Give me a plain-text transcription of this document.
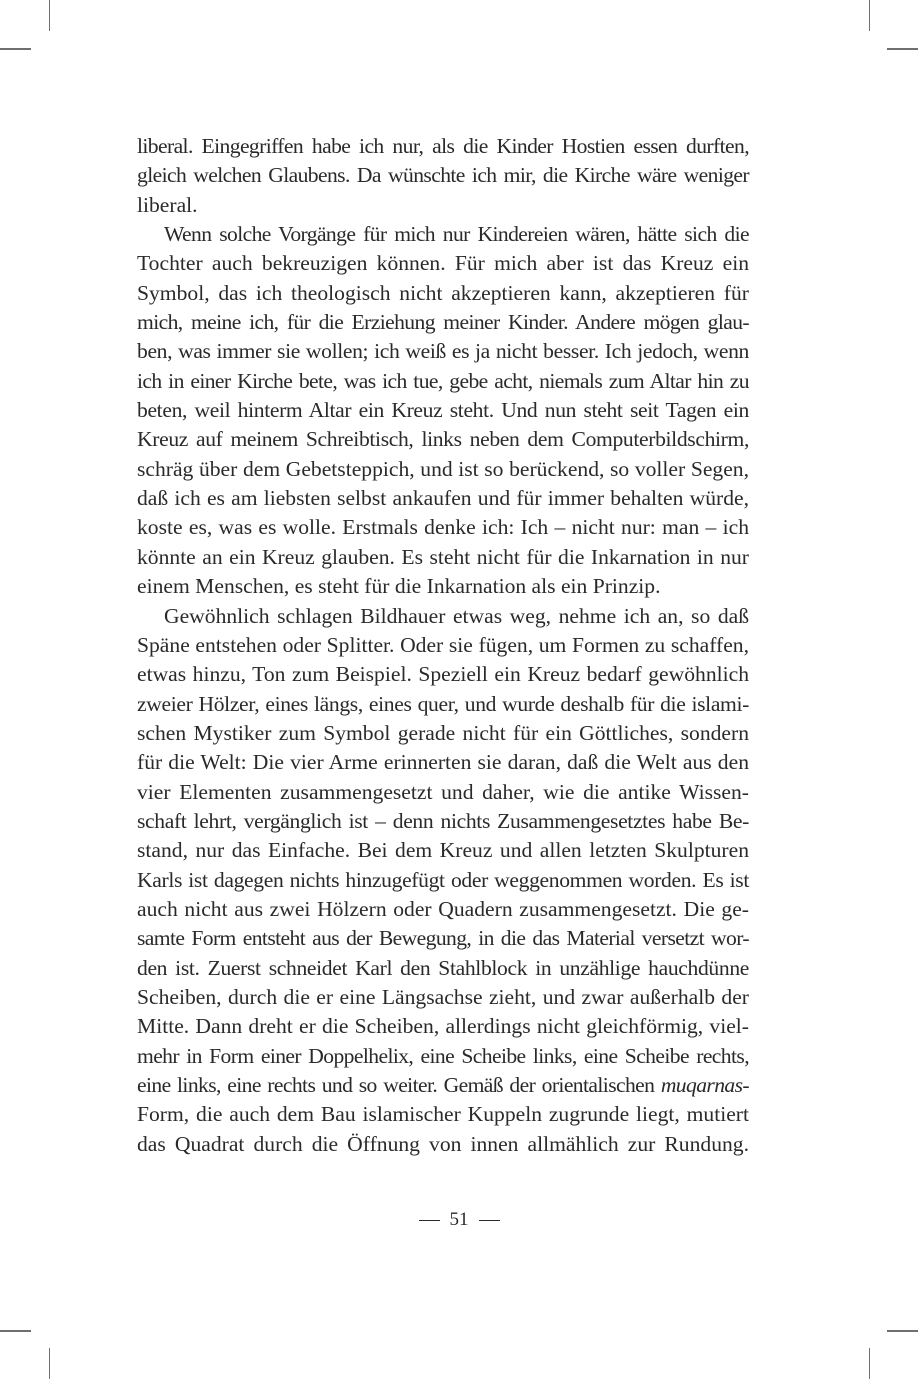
liberal. Eingegriffen habe ich nur, als die Kinder Hostien essen durften,
gleich welchen Glaubens. Da wünschte ich mir, die Kirche wäre weniger
liberal.

Wenn solche Vorgänge für mich nur Kindereien wären, hätte sich die
Tochter auch bekreuzigen können. Für mich aber ist das Kreuz ein
Symbol, das ich theologisch nicht akzeptieren kann, akzeptieren für
mich, meine ich, für die Erziehung meiner Kinder. Andere mögen glau-
ben, was immer sie wollen; ich weiß es ja nicht besser. Ich jedoch, wenn
ich in einer Kirche bete, was ich tue, gebe acht, niemals zum Altar hin zu
beten, weil hinterm Altar ein Kreuz steht. Und nun steht seit Tagen ein
Kreuz auf meinem Schreibtisch, links neben dem Computerbildschirm,
schräg über dem Gebetsteppich, und ist so berückend, so voller Segen,
daß ich es am liebsten selbst ankaufen und für immer behalten würde,
koste es, was es wolle. Erstmals denke ich: Ich – nicht nur: man – ich
könnte an ein Kreuz glauben. Es steht nicht für die Inkarnation in nur
einem Menschen, es steht für die Inkarnation als ein Prinzip.

Gewöhnlich schlagen Bildhauer etwas weg, nehme ich an, so daß
Späne entstehen oder Splitter. Oder sie fügen, um Formen zu schaffen,
etwas hinzu, Ton zum Beispiel. Speziell ein Kreuz bedarf gewöhnlich
zweier Hölzer, eines längs, eines quer, und wurde deshalb für die islami-
schen Mystiker zum Symbol gerade nicht für ein Göttliches, sondern
für die Welt: Die vier Arme erinnerten sie daran, daß die Welt aus den
vier Elementen zusammengesetzt und daher, wie die antike Wissen-
schaft lehrt, vergänglich ist – denn nichts Zusammengesetztes habe Be-
stand, nur das Einfache. Bei dem Kreuz und allen letzten Skulpturen
Karls ist dagegen nichts hinzugefügt oder weggenommen worden. Es ist
auch nicht aus zwei Hölzern oder Quadern zusammengesetzt. Die ge-
samte Form entsteht aus der Bewegung, in die das Material versetzt wor-
den ist. Zuerst schneidet Karl den Stahlblock in unzählige hauchdünne
Scheiben, durch die er eine Längsachse zieht, und zwar außerhalb der
Mitte. Dann dreht er die Scheiben, allerdings nicht gleichförmig, viel-
mehr in Form einer Doppelhelix, eine Scheibe links, eine Scheibe rechts,
eine links, eine rechts und so weiter. Gemäß der orientalischen muqarnas-
Form, die auch dem Bau islamischer Kuppeln zugrunde liegt, mutiert
das Quadrat durch die Öffnung von innen allmählich zur Rundung.

51
